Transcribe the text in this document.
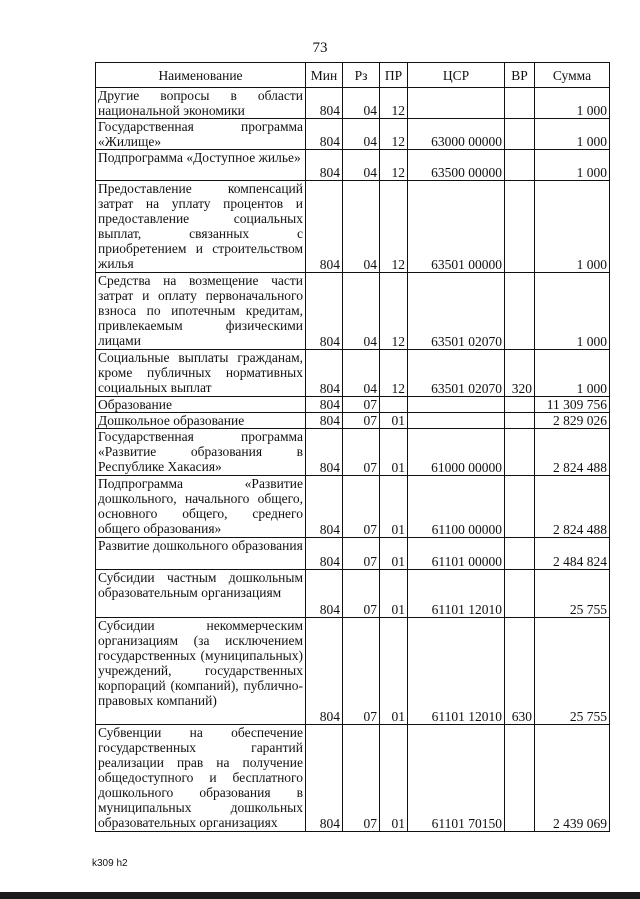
73
Наименование	Мин	Рз	ПР	ЦСР	ВР	Сумма
Другие вопросы в области национальной экономики	804	04	12			1 000
Государственная программа «Жилище»	804	04	12	63000 00000		1 000
Подпрограмма «Доступное жилье»	804	04	12	63500 00000		1 000
Предоставление компенсаций затрат на уплату процентов и предоставление социальных выплат, связанных с приобретением и строительством жилья	804	04	12	63501 00000		1 000
Средства на возмещение части затрат и оплату первоначального взноса по ипотечным кредитам, привлекаемым физическими лицами	804	04	12	63501 02070		1 000
Социальные выплаты гражданам, кроме публичных нормативных социальных выплат	804	04	12	63501 02070	320	1 000
Образование	804	07				11 309 756
Дошкольное образование	804	07	01			2 829 026
Государственная программа «Развитие образования в Республике Хакасия»	804	07	01	61000 00000		2 824 488
Подпрограмма «Развитие дошкольного, начального общего, основного общего, среднего общего образования»	804	07	01	61100 00000		2 824 488
Развитие дошкольного образования	804	07	01	61101 00000		2 484 824
Субсидии частным дошкольным образовательным организациям	804	07	01	61101 12010		25 755
Субсидии некоммерческим организациям (за исключением государственных (муниципальных) учреждений, государственных корпораций (компаний), публично-правовых компаний)	804	07	01	61101 12010	630	25 755
Субвенции на обеспечение государственных гарантий реализации прав на получение общедоступного и бесплатного дошкольного образования в муниципальных дошкольных образовательных организациях	804	07	01	61101 70150		2 439 069
k309 h2
